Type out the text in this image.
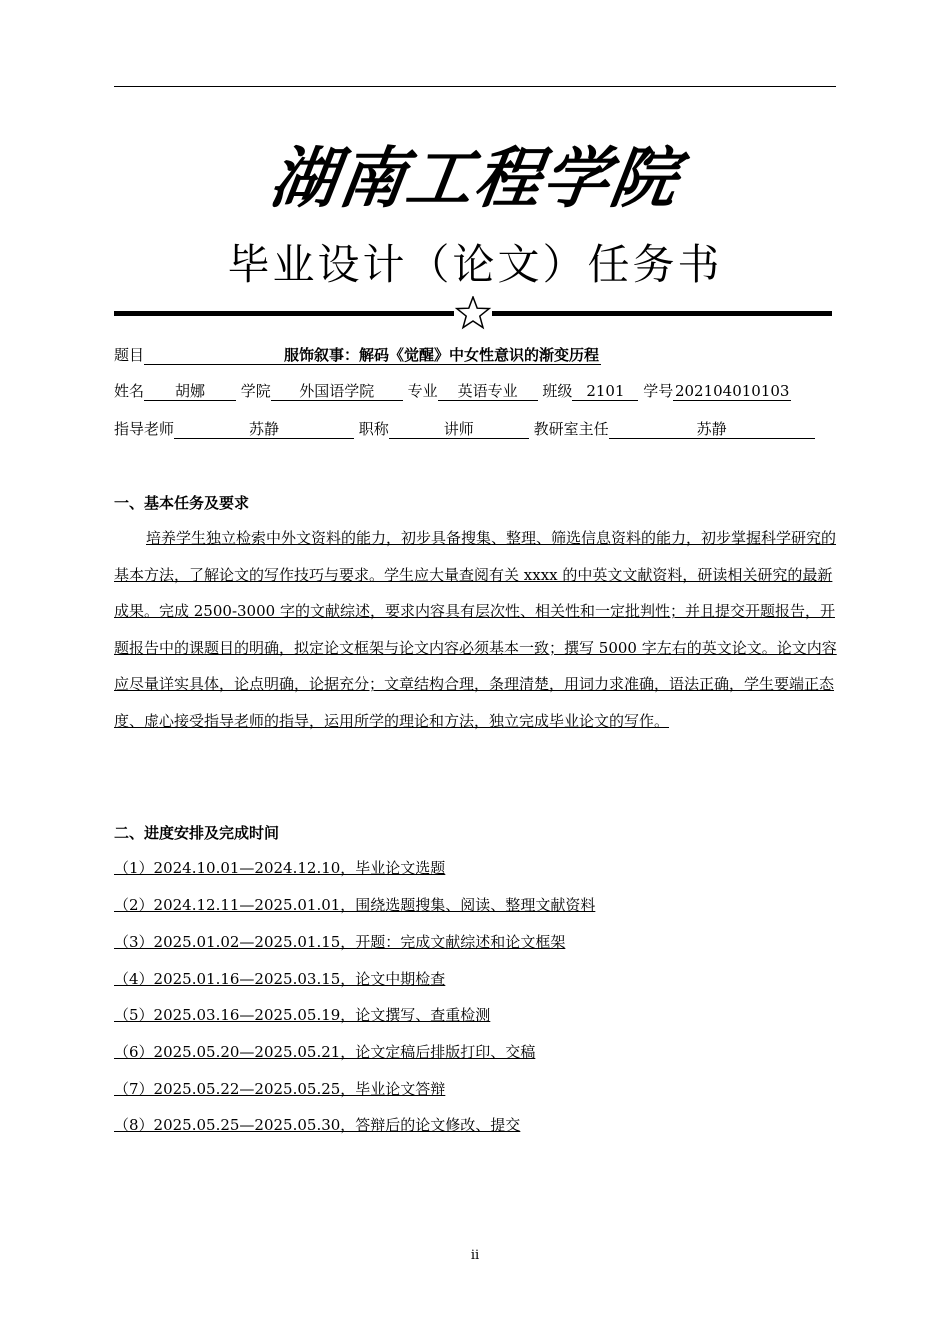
湖南工程学院
毕业设计（论文）任务书
题目	服饰叙事：解码《觉醒》中女性意识的渐变历程
姓名 胡娜 学院 外国语学院 专业 英语专业 班级 2101 学号 202104010103
指导老师	苏静	职称	讲师	教研室主任	苏静
一、基本任务及要求
培养学生独立检索中外文资料的能力，初步具备搜集、整理、筛选信息资料的能力，初步掌握科学研究的基本方法，了解论文的写作技巧与要求。学生应大量查阅有关 xxxx 的中英文文献资料，研读相关研究的最新成果。完成 2500-3000 字的文献综述，要求内容具有层次性、相关性和一定批判性；并且提交开题报告，开题报告中的课题目的明确，拟定论文框架与论文内容必须基本一致；撰写 5000 字左右的英文论文。论文内容应尽量详实具体，论点明确，论据充分；文章结构合理，条理清楚，用词力求准确，语法正确，学生要端正态度、虚心接受指导老师的指导，运用所学的理论和方法，独立完成毕业论文的写作。
二、进度安排及完成时间
（1）2024.10.01—2024.12.10，毕业论文选题
（2）2024.12.11—2025.01.01，围绕选题搜集、阅读、整理文献资料
（3）2025.01.02—2025.01.15，开题：完成文献综述和论文框架
（4）2025.01.16—2025.03.15，论文中期检查
（5）2025.03.16—2025.05.19，论文撰写、查重检测
（6）2025.05.20—2025.05.21，论文定稿后排版打印、交稿
（7）2025.05.22—2025.05.25，毕业论文答辩
（8）2025.05.25—2025.05.30，答辩后的论文修改、提交
ii
